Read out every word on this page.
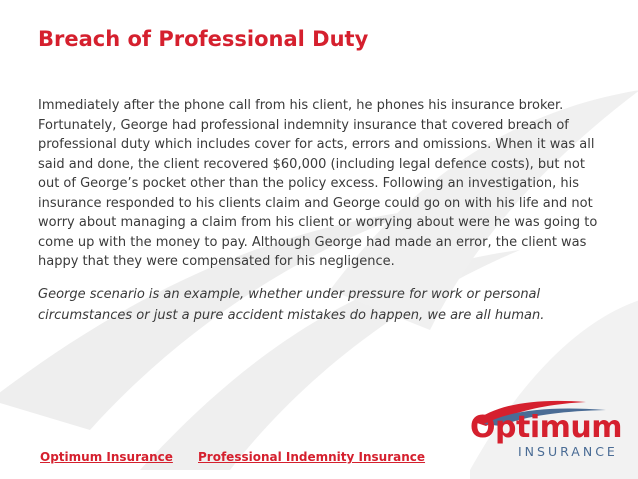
Breach of Professional Duty

Immediately after the phone call from his client, he phones his insurance broker. Fortunately, George had professional indemnity insurance that covered breach of professional duty which includes cover for acts, errors and omissions. When it was all said and done, the client recovered $60,000 (including legal defence costs), but not out of George’s pocket other than the policy excess. Following an investigation, his insurance responded to his clients claim and George could go on with his life and not worry about managing a claim from his client or worrying about were he was going to come up with the money to pay. Although George had made an error, the client was happy that they were compensated for his negligence.

George scenario is an example, whether under pressure for work or personal circumstances or just a pure accident mistakes do happen, we are all human.

Optimum Insurance Professional Indemnity Insurance
Optimum
INSURANCE
